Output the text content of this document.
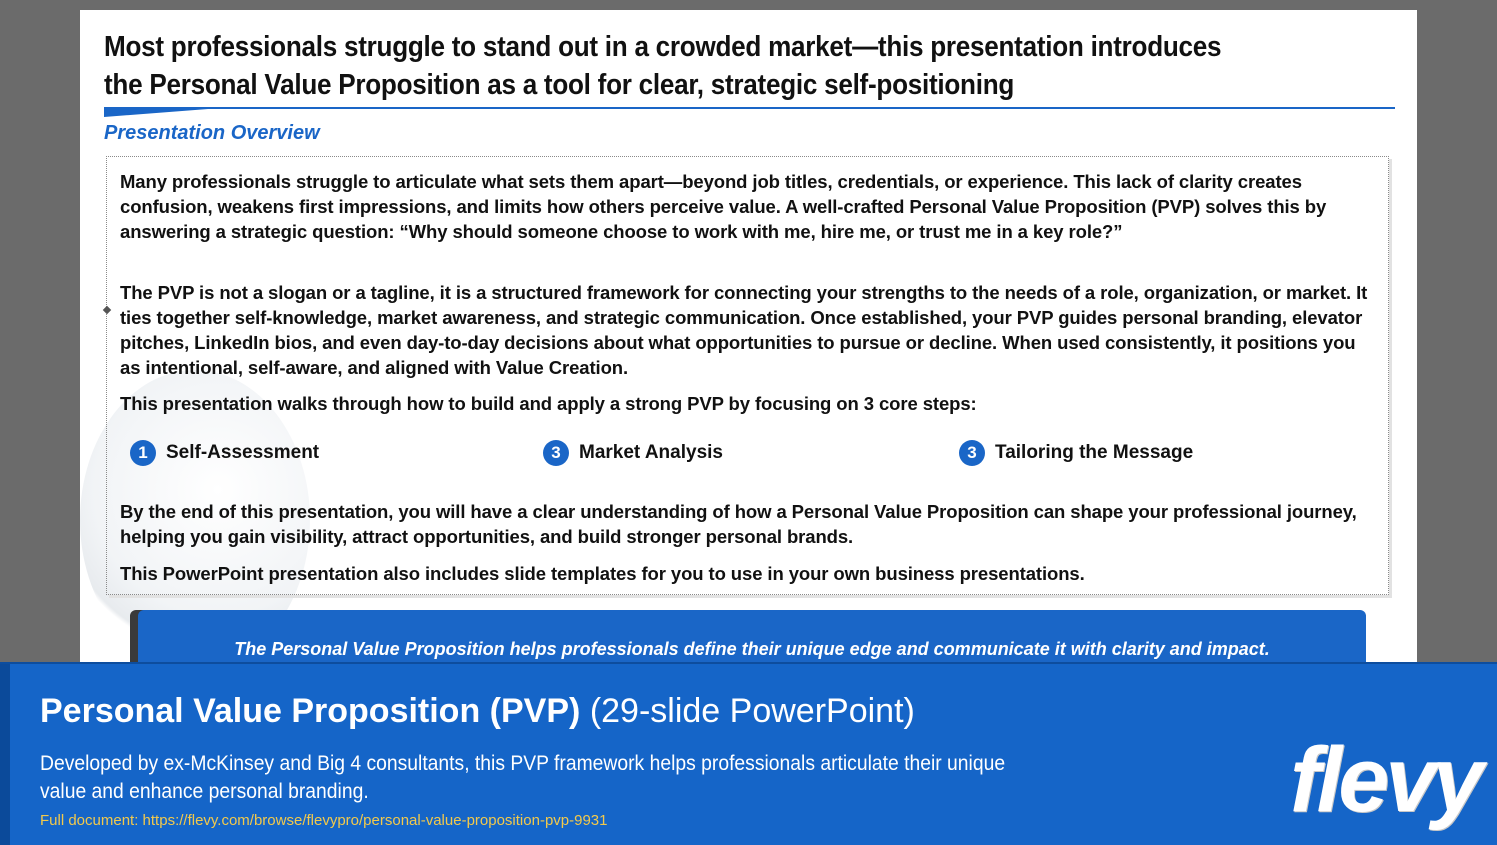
Most professionals struggle to stand out in a crowded market—this presentation introduces the Personal Value Proposition as a tool for clear, strategic self-positioning
Presentation Overview
Many professionals struggle to articulate what sets them apart—beyond job titles, credentials, or experience. This lack of clarity creates confusion, weakens first impressions, and limits how others perceive value. A well-crafted Personal Value Proposition (PVP) solves this by answering a strategic question: “Why should someone choose to work with me, hire me, or trust me in a key role?”
The PVP is not a slogan or a tagline, it is a structured framework for connecting your strengths to the needs of a role, organization, or market. It ties together self-knowledge, market awareness, and strategic communication. Once established, your PVP guides personal branding, elevator pitches, LinkedIn bios, and even day-to-day decisions about what opportunities to pursue or decline. When used consistently, it positions you as intentional, self-aware, and aligned with Value Creation.
This presentation walks through how to build and apply a strong PVP by focusing on 3 core steps:
1 Self-Assessment	3 Market Analysis	3 Tailoring the Message
By the end of this presentation, you will have a clear understanding of how a Personal Value Proposition can shape your professional journey, helping you gain visibility, attract opportunities, and build stronger personal brands.
This PowerPoint presentation also includes slide templates for you to use in your own business presentations.
The Personal Value Proposition helps professionals define their unique edge and communicate it with clarity and impact.
Personal Value Proposition (PVP) (29-slide PowerPoint)
Developed by ex-McKinsey and Big 4 consultants, this PVP framework helps professionals articulate their unique value and enhance personal branding.
Full document: https://flevy.com/browse/flevypro/personal-value-proposition-pvp-9931	flevy
